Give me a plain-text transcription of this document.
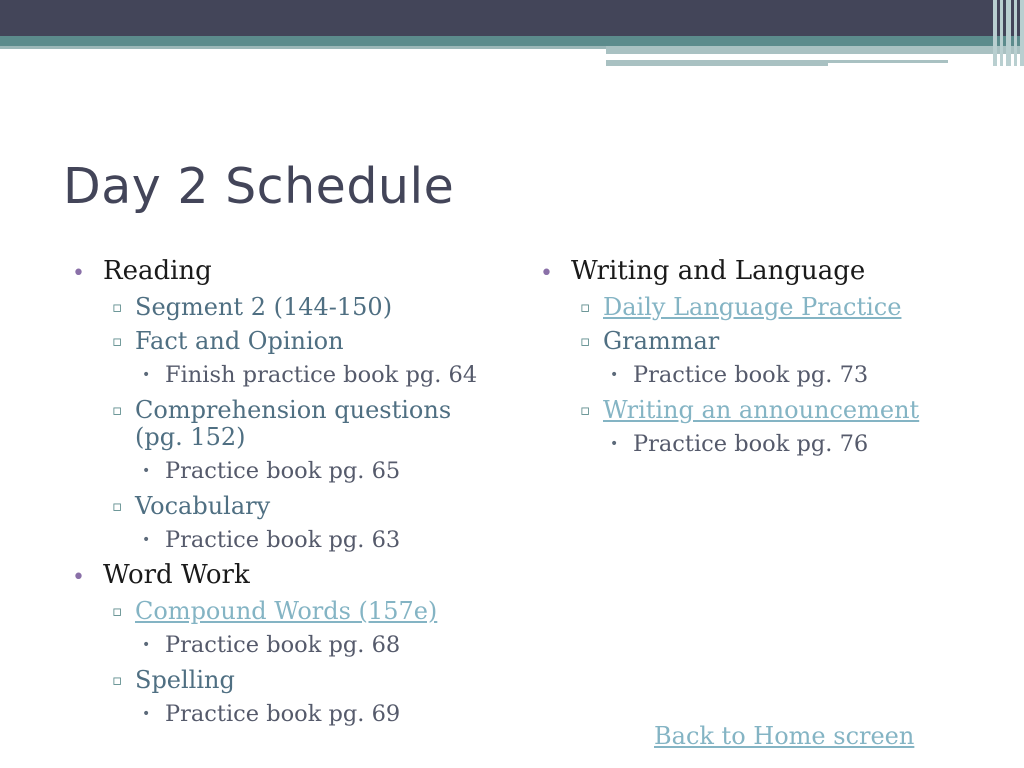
Day 2 Schedule
• Reading
▫ Segment 2 (144-150)
▫ Fact and Opinion
• Finish practice book pg. 64
▫ Comprehension questions
(pg. 152)
• Practice book pg. 65
▫ Vocabulary
• Practice book pg. 63
• Word Work
▫ Compound Words (157e)
• Practice book pg. 68
▫ Spelling
• Practice book pg. 69
• Writing and Language
▫ Daily Language Practice
▫ Grammar
• Practice book pg. 73
▫ Writing an announcement
• Practice book pg. 76
Back to Home screen
